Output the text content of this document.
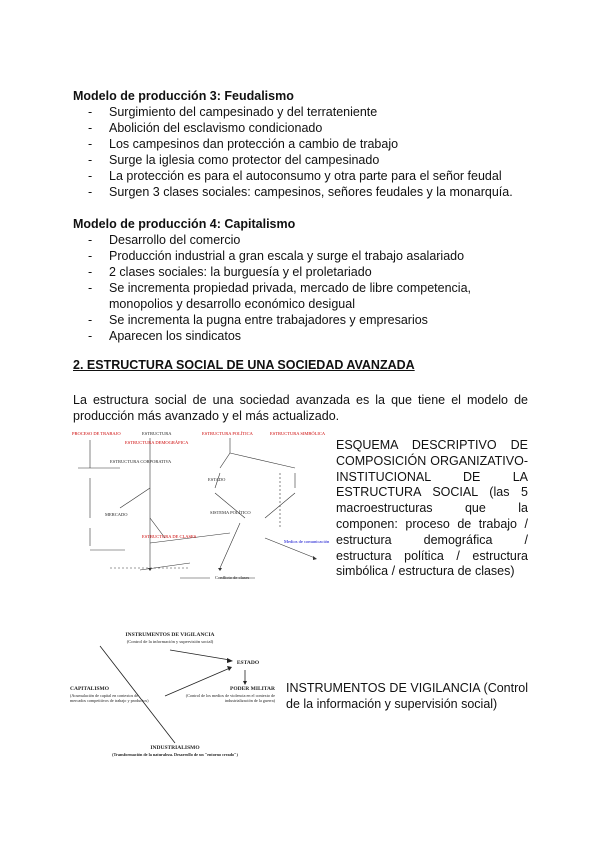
Modelo de producción 3: Feudalismo
- Surgimiento del campesinado y del terrateniente
- Abolición del esclavismo condicionado
- Los campesinos dan protección a cambio de trabajo
- Surge la iglesia como protector del campesinado
- La protección es para el autoconsumo y otra parte para el señor feudal
- Surgen 3 clases sociales: campesinos, señores feudales y la monarquía.
Modelo de producción 4: Capitalismo
- Desarrollo del comercio
- Producción industrial a gran escala y surge el trabajo asalariado
- 2 clases sociales: la burguesía y el proletariado
- Se incrementa propiedad privada, mercado de libre competencia, monopolios y desarrollo económico desigual
- Se incrementa la pugna entre trabajadores y empresarios
- Aparecen los sindicatos
2. ESTRUCTURA SOCIAL DE UNA SOCIEDAD AVANZADA
La estructura social de una sociedad avanzada es la que tiene el modelo de producción más avanzado y el más actualizado.
PROCESO DE TRABAJO	ESTRUCTURA	ESTRUCTURA POLÍTICA	ESTRUCTURA SIMBÓLICA
ESTRUCTURA DEMOGRÁFICA
ESTRUCTURA CORPORATIVA
ESTADO
SISTEMA POLÍTICO
MERCADO
ESTRUCTURA DE CLASES
Medios de comunicación
Conflicto de clases
ESQUEMA DESCRIPTIVO DE COMPOSICIÓN ORGANIZATIVO-INSTITUCIONAL DE LA ESTRUCTURA SOCIAL (las 5 macroestructuras que la componen: proceso de trabajo / estructura demográfica / estructura política / estructura simbólica / estructura de clases)
INSTRUMENTOS DE VIGILANCIA
(Control de la información y supervisión social)
ESTADO
CAPITALISMO
(Acumulación de capital en contextos de mercados competitivos de trabajo y productos)
PODER MILITAR
(Control de los medios de violencia en el contexto de industrialización de la guerra)
INDUSTRIALISMO
(Transformación de la naturaleza. Desarrollo de un "entorno creado")
INSTRUMENTOS DE VIGILANCIA (Control de la información y supervisión social)
